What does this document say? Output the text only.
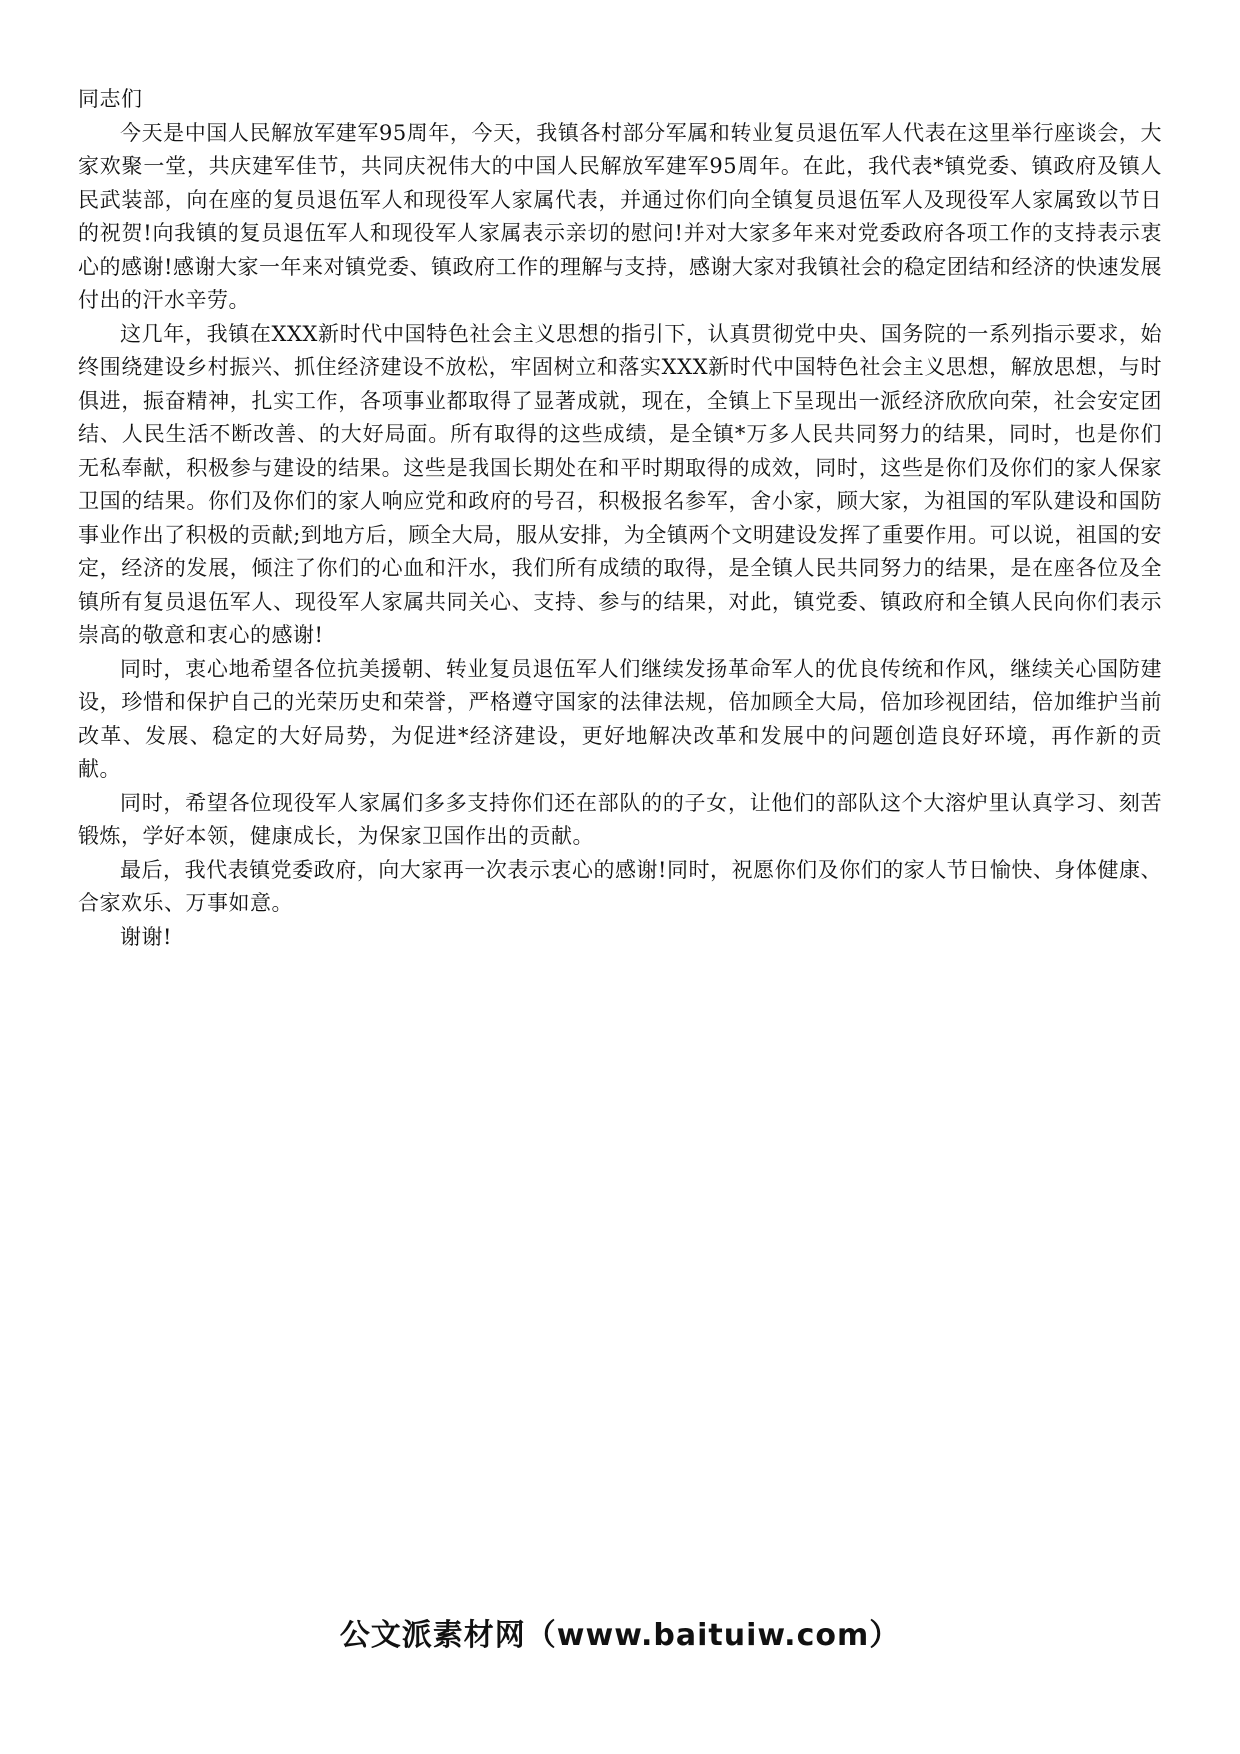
同志们

今天是中国人民解放军建军95周年，今天，我镇各村部分军属和转业复员退伍军人代表在这里举行座谈会，大家欢聚一堂，共庆建军佳节，共同庆祝伟大的中国人民解放军建军95周年。在此，我代表*镇党委、镇政府及镇人民武装部，向在座的复员退伍军人和现役军人家属代表，并通过你们向全镇复员退伍军人及现役军人家属致以节日的祝贺!向我镇的复员退伍军人和现役军人家属表示亲切的慰问!并对大家多年来对党委政府各项工作的支持表示衷心的感谢!感谢大家一年来对镇党委、镇政府工作的理解与支持，感谢大家对我镇社会的稳定团结和经济的快速发展付出的汗水辛劳。

这几年，我镇在XXX新时代中国特色社会主义思想的指引下，认真贯彻党中央、国务院的一系列指示要求，始终围绕建设乡村振兴、抓住经济建设不放松，牢固树立和落实XXX新时代中国特色社会主义思想，解放思想，与时俱进，振奋精神，扎实工作，各项事业都取得了显著成就，现在，全镇上下呈现出一派经济欣欣向荣，社会安定团结、人民生活不断改善、的大好局面。所有取得的这些成绩，是全镇*万多人民共同努力的结果，同时，也是你们无私奉献，积极参与建设的结果。这些是我国长期处在和平时期取得的成效，同时，这些是你们及你们的家人保家卫国的结果。你们及你们的家人响应党和政府的号召，积极报名参军，舍小家，顾大家，为祖国的军队建设和国防事业作出了积极的贡献;到地方后，顾全大局，服从安排，为全镇两个文明建设发挥了重要作用。可以说，祖国的安定，经济的发展，倾注了你们的心血和汗水，我们所有成绩的取得，是全镇人民共同努力的结果，是在座各位及全镇所有复员退伍军人、现役军人家属共同关心、支持、参与的结果，对此，镇党委、镇政府和全镇人民向你们表示崇高的敬意和衷心的感谢!

同时，衷心地希望各位抗美援朝、转业复员退伍军人们继续发扬革命军人的优良传统和作风，继续关心国防建设，珍惜和保护自己的光荣历史和荣誉，严格遵守国家的法律法规，倍加顾全大局，倍加珍视团结，倍加维护当前改革、发展、稳定的大好局势，为促进*经济建设，更好地解决改革和发展中的问题创造良好环境，再作新的贡献。

同时，希望各位现役军人家属们多多支持你们还在部队的的子女，让他们的部队这个大溶炉里认真学习、刻苦锻炼，学好本领，健康成长，为保家卫国作出的贡献。

最后，我代表镇党委政府，向大家再一次表示衷心的感谢!同时，祝愿你们及你们的家人节日愉快、身体健康、合家欢乐、万事如意。

谢谢!

公文派素材网（www.baituiw.com）
